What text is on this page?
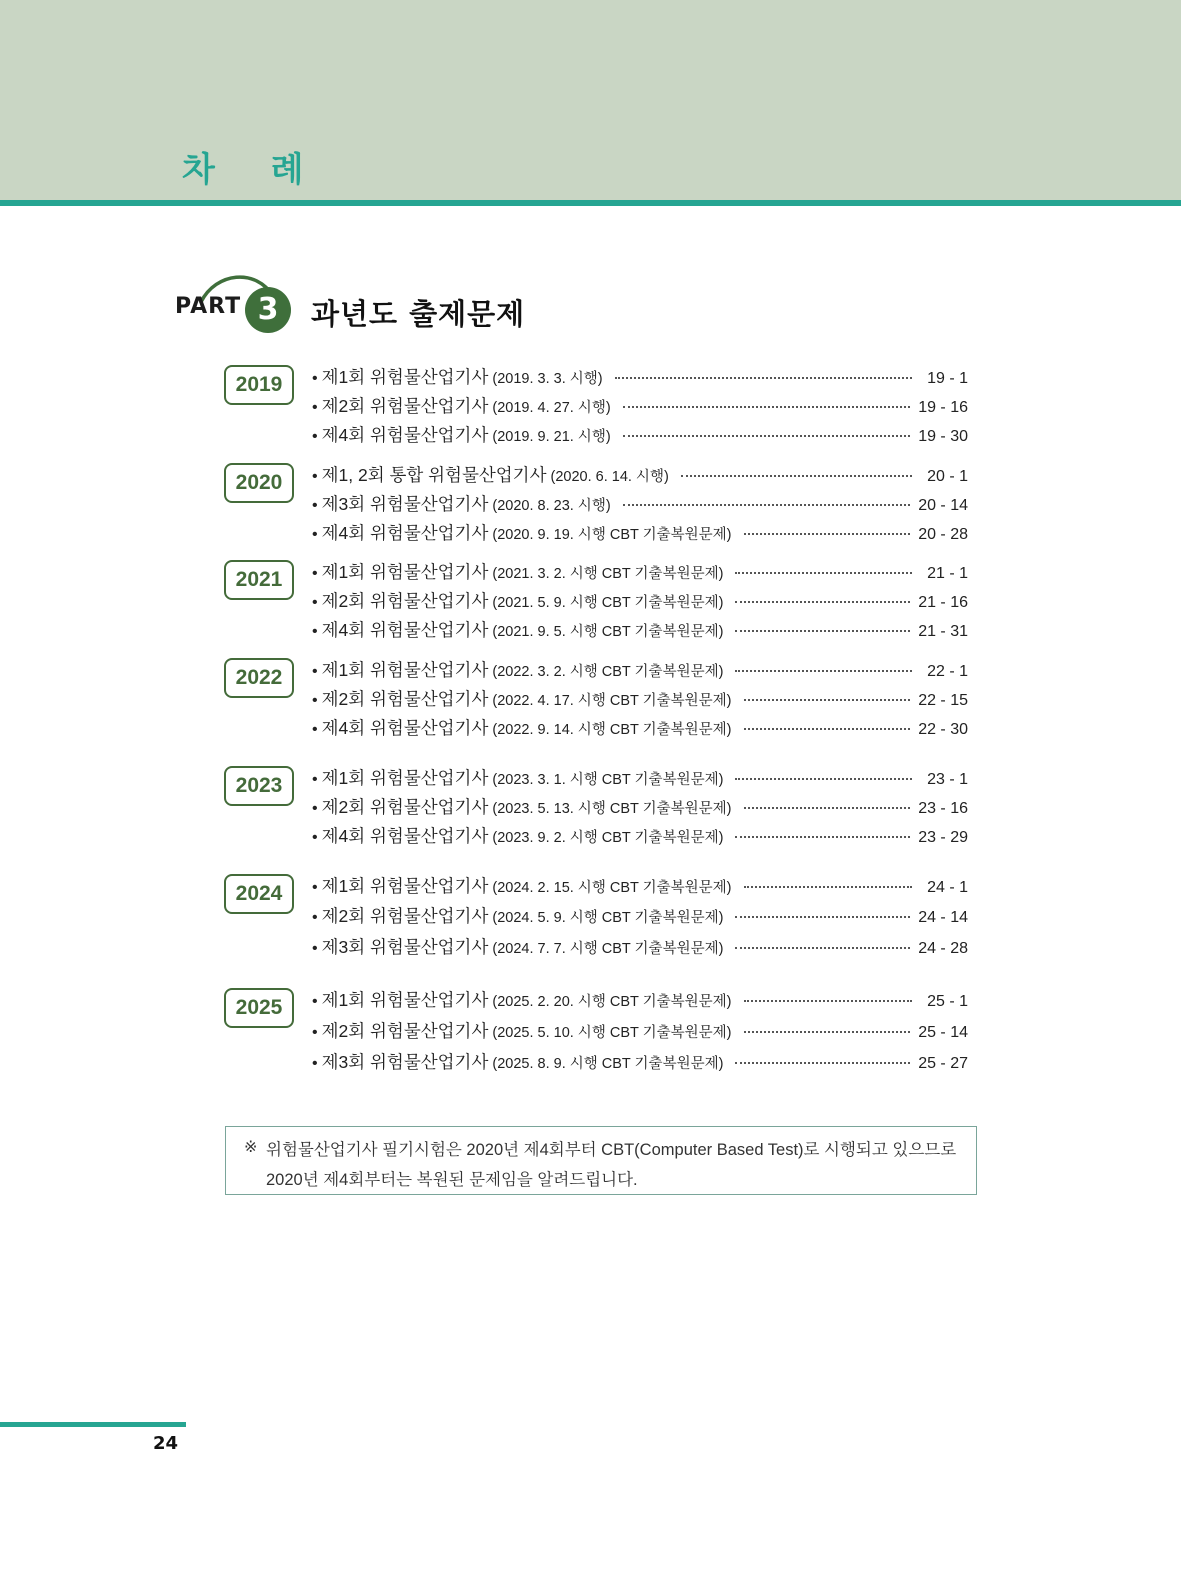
차 례
PART 3	과년도 출제문제
2019	• 제1회 위험물산업기사 (2019. 3. 3. 시행)	19 - 1
• 제2회 위험물산업기사 (2019. 4. 27. 시행)	19 - 16
• 제4회 위험물산업기사 (2019. 9. 21. 시행)	19 - 30
2020	• 제1, 2회 통합 위험물산업기사 (2020. 6. 14. 시행)	20 - 1
• 제3회 위험물산업기사 (2020. 8. 23. 시행)	20 - 14
• 제4회 위험물산업기사 (2020. 9. 19. 시행 CBT 기출복원문제)	20 - 28
2021	• 제1회 위험물산업기사 (2021. 3. 2. 시행 CBT 기출복원문제)	21 - 1
• 제2회 위험물산업기사 (2021. 5. 9. 시행 CBT 기출복원문제)	21 - 16
• 제4회 위험물산업기사 (2021. 9. 5. 시행 CBT 기출복원문제)	21 - 31
2022	• 제1회 위험물산업기사 (2022. 3. 2. 시행 CBT 기출복원문제)	22 - 1
• 제2회 위험물산업기사 (2022. 4. 17. 시행 CBT 기출복원문제)	22 - 15
• 제4회 위험물산업기사 (2022. 9. 14. 시행 CBT 기출복원문제)	22 - 30
2023	• 제1회 위험물산업기사 (2023. 3. 1. 시행 CBT 기출복원문제)	23 - 1
• 제2회 위험물산업기사 (2023. 5. 13. 시행 CBT 기출복원문제)	23 - 16
• 제4회 위험물산업기사 (2023. 9. 2. 시행 CBT 기출복원문제)	23 - 29
2024	• 제1회 위험물산업기사 (2024. 2. 15. 시행 CBT 기출복원문제)	24 - 1
• 제2회 위험물산업기사 (2024. 5. 9. 시행 CBT 기출복원문제)	24 - 14
• 제3회 위험물산업기사 (2024. 7. 7. 시행 CBT 기출복원문제)	24 - 28
2025	• 제1회 위험물산업기사 (2025. 2. 20. 시행 CBT 기출복원문제)	25 - 1
• 제2회 위험물산업기사 (2025. 5. 10. 시행 CBT 기출복원문제)	25 - 14
• 제3회 위험물산업기사 (2025. 8. 9. 시행 CBT 기출복원문제)	25 - 27
※ 위험물산업기사 필기시험은 2020년 제4회부터 CBT(Computer Based Test)로 시행되고 있으므로
2020년 제4회부터는 복원된 문제임을 알려드립니다.
24
